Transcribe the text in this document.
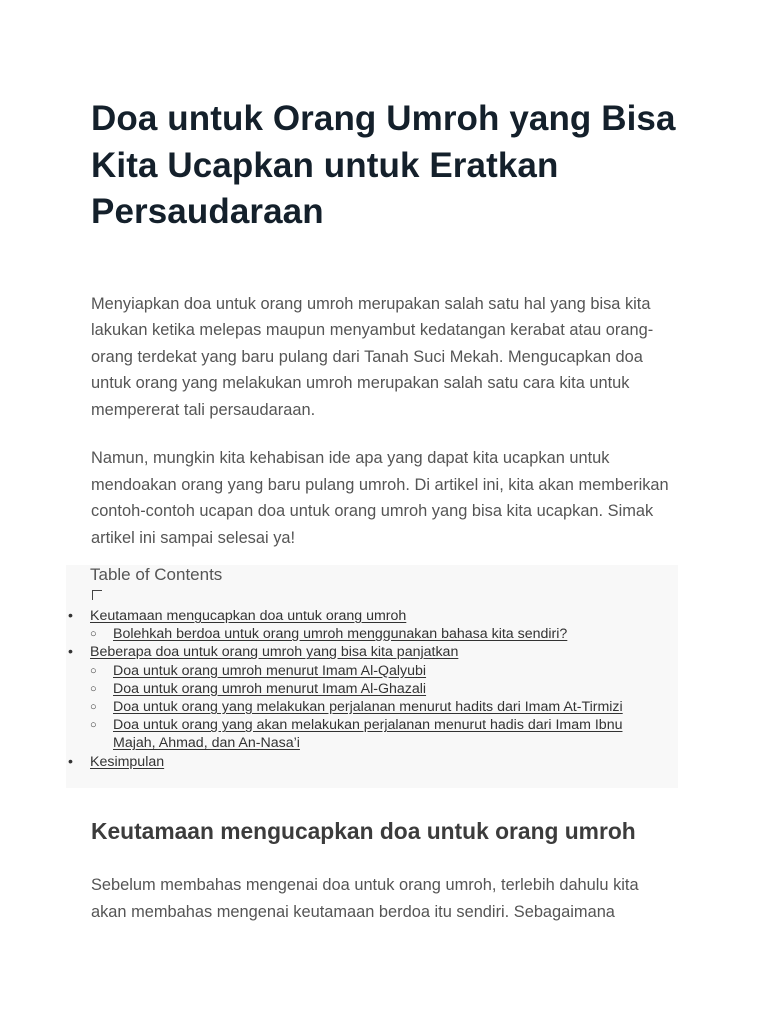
Doa untuk Orang Umroh yang Bisa Kita Ucapkan untuk Eratkan Persaudaraan

Menyiapkan doa untuk orang umroh merupakan salah satu hal yang bisa kita lakukan ketika melepas maupun menyambut kedatangan kerabat atau orang-orang terdekat yang baru pulang dari Tanah Suci Mekah. Mengucapkan doa untuk orang yang melakukan umroh merupakan salah satu cara kita untuk mempererat tali persaudaraan.

Namun, mungkin kita kehabisan ide apa yang dapat kita ucapkan untuk mendoakan orang yang baru pulang umroh. Di artikel ini, kita akan memberikan contoh-contoh ucapan doa untuk orang umroh yang bisa kita ucapkan. Simak artikel ini sampai selesai ya!

Table of Contents
•	Keutamaan mengucapkan doa untuk orang umroh
○	Bolehkah berdoa untuk orang umroh menggunakan bahasa kita sendiri?
•	Beberapa doa untuk orang umroh yang bisa kita panjatkan
○	Doa untuk orang umroh menurut Imam Al-Qalyubi
○	Doa untuk orang umroh menurut Imam Al-Ghazali
○	Doa untuk orang yang melakukan perjalanan menurut hadits dari Imam At-Tirmizi
○	Doa untuk orang yang akan melakukan perjalanan menurut hadis dari Imam Ibnu Majah, Ahmad, dan An-Nasa’i
•	Kesimpulan
Keutamaan mengucapkan doa untuk orang umroh

Sebelum membahas mengenai doa untuk orang umroh, terlebih dahulu kita akan membahas mengenai keutamaan berdoa itu sendiri. Sebagaimana
